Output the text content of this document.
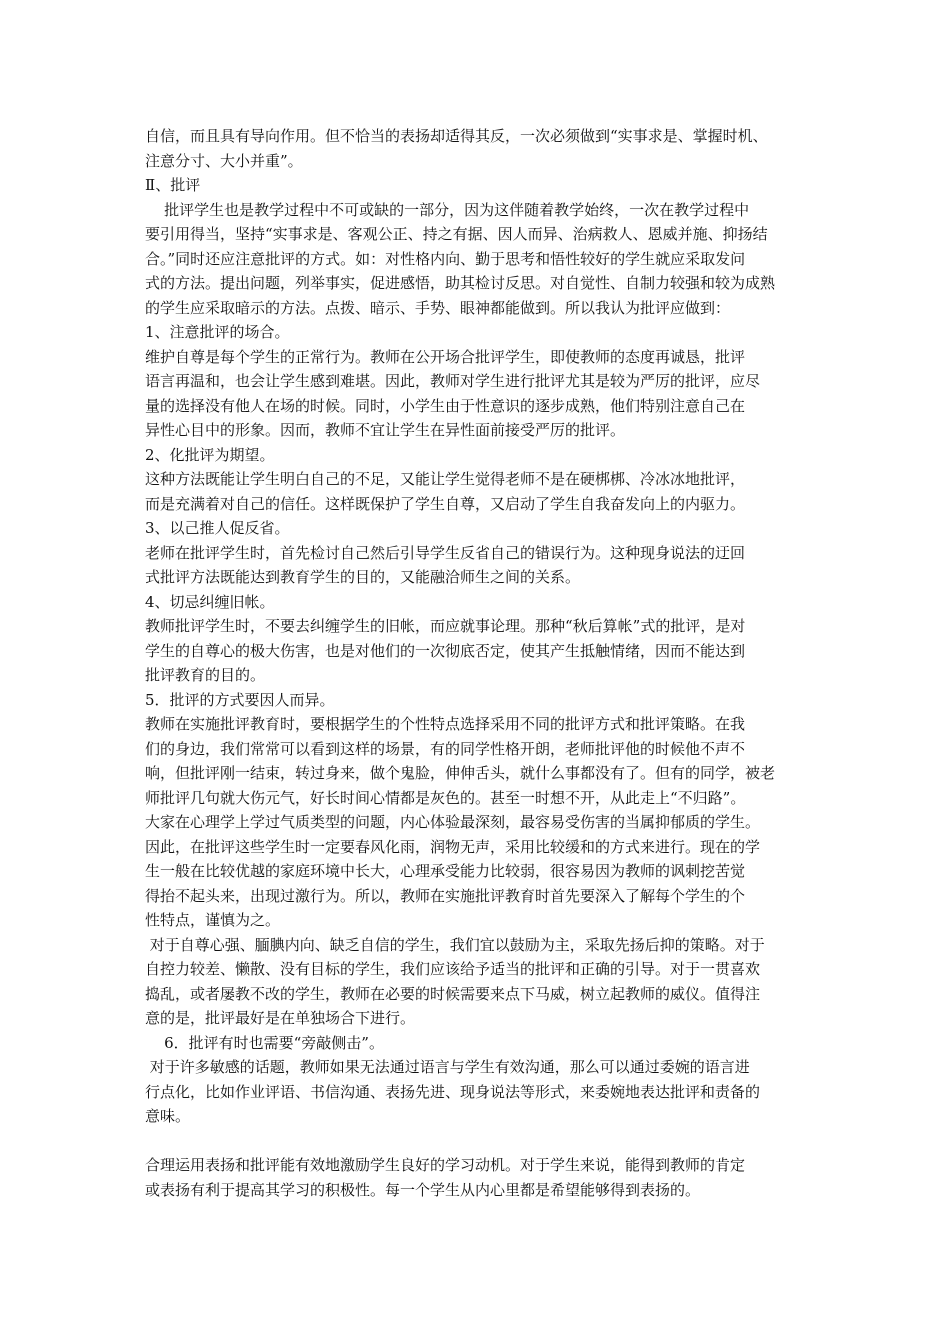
自信，而且具有导向作用。但不恰当的表扬却适得其反，一次必须做到“实事求是、掌握时机、
注意分寸、大小并重”。
Ⅱ、批评
批评学生也是教学过程中不可或缺的一部分，因为这伴随着教学始终，一次在教学过程中
要引用得当，坚持“实事求是、客观公正、持之有据、因人而异、治病救人、恩威并施、抑扬结
合。”同时还应注意批评的方式。如：对性格内向、勤于思考和悟性较好的学生就应采取发问
式的方法。提出问题，列举事实，促进感悟，助其检讨反思。对自觉性、自制力较强和较为成熟
的学生应采取暗示的方法。点拨、暗示、手势、眼神都能做到。所以我认为批评应做到：
1、注意批评的场合。
维护自尊是每个学生的正常行为。教师在公开场合批评学生，即使教师的态度再诚恳，批评
语言再温和，也会让学生感到难堪。因此，教师对学生进行批评尤其是较为严厉的批评，应尽
量的选择没有他人在场的时候。同时，小学生由于性意识的逐步成熟，他们特别注意自己在
异性心目中的形象。因而，教师不宜让学生在异性面前接受严厉的批评。
2、化批评为期望。
这种方法既能让学生明白自己的不足，又能让学生觉得老师不是在硬梆梆、冷冰冰地批评，
而是充满着对自己的信任。这样既保护了学生自尊，又启动了学生自我奋发向上的内驱力。
3、以己推人促反省。
老师在批评学生时，首先检讨自己然后引导学生反省自己的错误行为。这种现身说法的迂回
式批评方法既能达到教育学生的目的，又能融洽师生之间的关系。
4、切忌纠缠旧帐。
教师批评学生时，不要去纠缠学生的旧帐，而应就事论理。那种“秋后算帐”式的批评，是对
学生的自尊心的极大伤害，也是对他们的一次彻底否定，使其产生抵触情绪，因而不能达到
批评教育的目的。
5．批评的方式要因人而异。
教师在实施批评教育时，要根据学生的个性特点选择采用不同的批评方式和批评策略。在我
们的身边，我们常常可以看到这样的场景，有的同学性格开朗，老师批评他的时候他不声不
响，但批评刚一结束，转过身来，做个鬼脸，伸伸舌头，就什么事都没有了。但有的同学，被老
师批评几句就大伤元气，好长时间心情都是灰色的。甚至一时想不开，从此走上“不归路”。
大家在心理学上学过气质类型的问题，内心体验最深刻，最容易受伤害的当属抑郁质的学生。
因此，在批评这些学生时一定要春风化雨，润物无声，采用比较缓和的方式来进行。现在的学
生一般在比较优越的家庭环境中长大，心理承受能力比较弱，很容易因为教师的讽刺挖苦觉
得抬不起头来，出现过激行为。所以，教师在实施批评教育时首先要深入了解每个学生的个
性特点，谨慎为之。
对于自尊心强、腼腆内向、缺乏自信的学生，我们宜以鼓励为主，采取先扬后抑的策略。对于
自控力较差、懒散、没有目标的学生，我们应该给予适当的批评和正确的引导。对于一贯喜欢
捣乱，或者屡教不改的学生，教师在必要的时候需要来点下马威，树立起教师的威仪。值得注
意的是，批评最好是在单独场合下进行。
6．批评有时也需要“旁敲侧击”。
对于许多敏感的话题，教师如果无法通过语言与学生有效沟通，那么可以通过委婉的语言进
行点化，比如作业评语、书信沟通、表扬先进、现身说法等形式，来委婉地表达批评和责备的
意味。
合理运用表扬和批评能有效地激励学生良好的学习动机。对于学生来说，能得到教师的肯定
或表扬有利于提高其学习的积极性。每一个学生从内心里都是希望能够得到表扬的。
